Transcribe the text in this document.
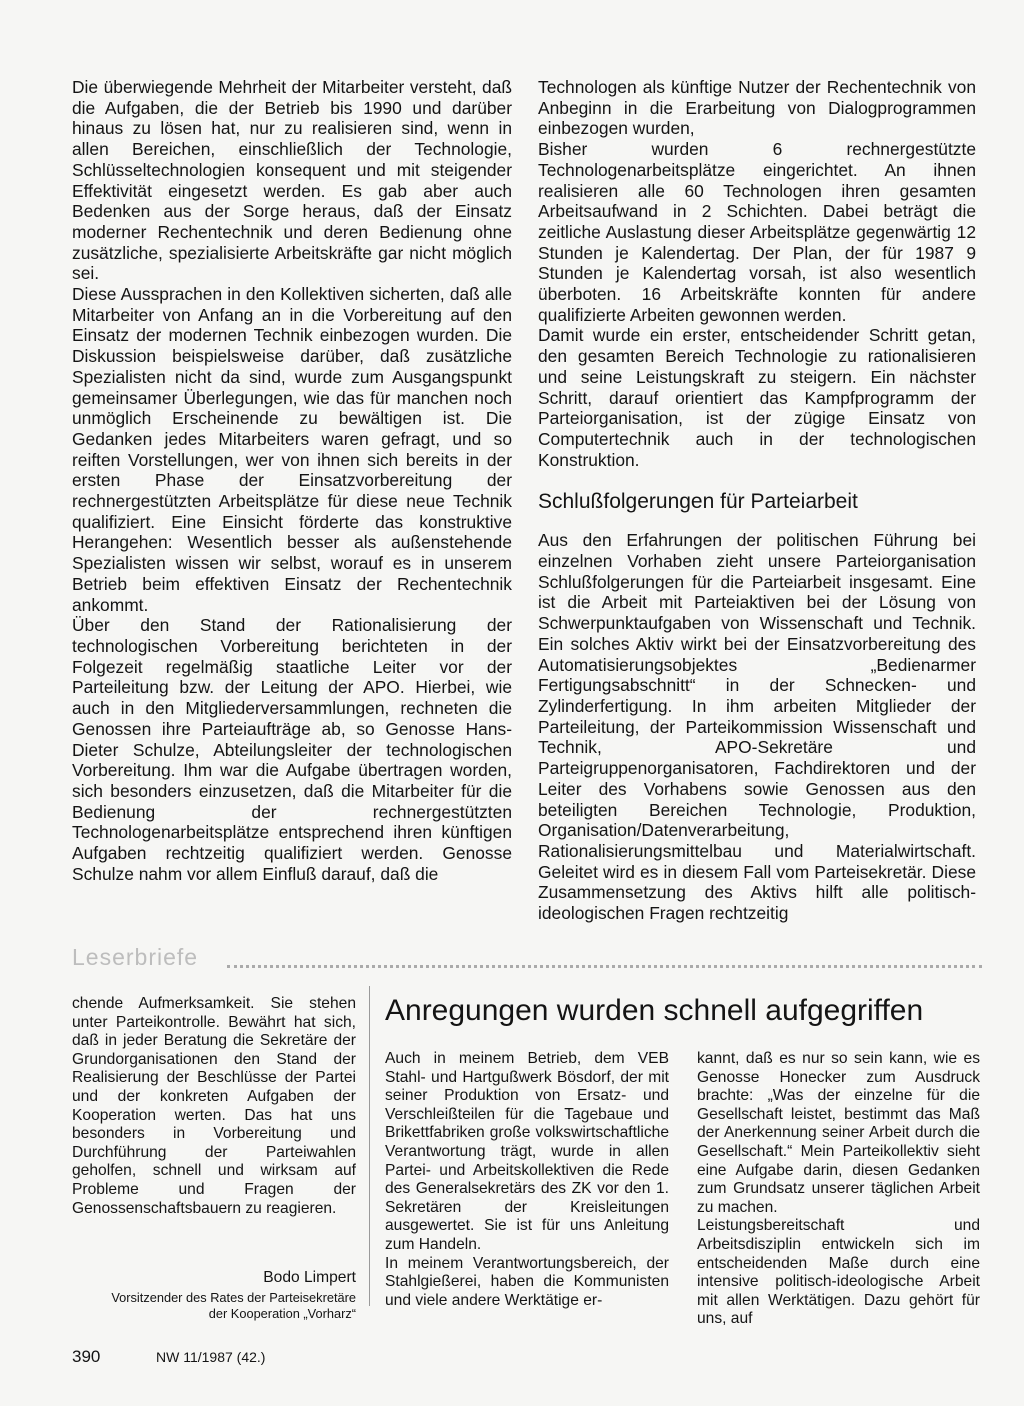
Die überwiegende Mehrheit der Mitarbeiter versteht, daß die Aufgaben, die der Betrieb bis 1990 und darüber hinaus zu lösen hat, nur zu realisieren sind, wenn in allen Bereichen, einschließlich der Technologie, Schlüsseltechnologien konsequent und mit steigender Effektivität eingesetzt werden. Es gab aber auch Bedenken aus der Sorge heraus, daß der Einsatz moderner Rechentechnik und deren Bedienung ohne zusätzliche, spezialisierte Arbeitskräfte gar nicht möglich sei.

Diese Aussprachen in den Kollektiven sicherten, daß alle Mitarbeiter von Anfang an in die Vorbereitung auf den Einsatz der modernen Technik einbezogen wurden. Die Diskussion beispielsweise darüber, daß zusätzliche Spezialisten nicht da sind, wurde zum Ausgangspunkt gemeinsamer Überlegungen, wie das für manchen noch unmöglich Erscheinende zu bewältigen ist. Die Gedanken jedes Mitarbeiters waren gefragt, und so reiften Vorstellungen, wer von ihnen sich bereits in der ersten Phase der Einsatzvorbereitung der rechnergestützten Arbeitsplätze für diese neue Technik qualifiziert. Eine Einsicht förderte das konstruktive Herangehen: Wesentlich besser als außenstehende Spezialisten wissen wir selbst, worauf es in unserem Betrieb beim effektiven Einsatz der Rechentechnik ankommt.

Über den Stand der Rationalisierung der technologischen Vorbereitung berichteten in der Folgezeit regelmäßig staatliche Leiter vor der Parteileitung bzw. der Leitung der APO. Hierbei, wie auch in den Mitgliederversammlungen, rechneten die Genossen ihre Parteiaufträge ab, so Genosse Hans-Dieter Schulze, Abteilungsleiter der technologischen Vorbereitung. Ihm war die Aufgabe übertragen worden, sich besonders einzusetzen, daß die Mitarbeiter für die Bedienung der rechnergestützten Technologenarbeitsplätze entsprechend ihren künftigen Aufgaben rechtzeitig qualifiziert werden. Genosse Schulze nahm vor allem Einfluß darauf, daß die

Technologen als künftige Nutzer der Rechentechnik von Anbeginn in die Erarbeitung von Dialogprogrammen einbezogen wurden,

Bisher wurden 6 rechnergestützte Technologenarbeitsplätze eingerichtet. An ihnen realisieren alle 60 Technologen ihren gesamten Arbeitsaufwand in 2 Schichten. Dabei beträgt die zeitliche Auslastung dieser Arbeitsplätze gegenwärtig 12 Stunden je Kalendertag. Der Plan, der für 1987 9 Stunden je Kalendertag vorsah, ist also wesentlich überboten. 16 Arbeitskräfte konnten für andere qualifizierte Arbeiten gewonnen werden.

Damit wurde ein erster, entscheidender Schritt getan, den gesamten Bereich Technologie zu rationalisieren und seine Leistungskraft zu steigern. Ein nächster Schritt, darauf orientiert das Kampfprogramm der Parteiorganisation, ist der zügige Einsatz von Computertechnik auch in der technologischen Konstruktion.

Schlußfolgerungen für Parteiarbeit

Aus den Erfahrungen der politischen Führung bei einzelnen Vorhaben zieht unsere Parteiorganisation Schlußfolgerungen für die Parteiarbeit insgesamt. Eine ist die Arbeit mit Parteiaktiven bei der Lösung von Schwerpunktaufgaben von Wissenschaft und Technik. Ein solches Aktiv wirkt bei der Einsatzvorbereitung des Automatisierungsobjektes „Bedienarmer Fertigungsabschnitt“ in der Schnecken- und Zylinderfertigung. In ihm arbeiten Mitglieder der Parteileitung, der Parteikommission Wissenschaft und Technik, APO-Sekretäre und Parteigruppenorganisatoren, Fachdirektoren und der Leiter des Vorhabens sowie Genossen aus den beteiligten Bereichen Technologie, Produktion, Organisation/Datenverarbeitung, Rationalisierungsmittelbau und Materialwirtschaft. Geleitet wird es in diesem Fall vom Parteisekretär. Diese Zusammensetzung des Aktivs hilft alle politisch-ideologischen Fragen rechtzeitig

Leserbriefe

chende Aufmerksamkeit. Sie stehen unter Parteikontrolle. Bewährt hat sich, daß in jeder Beratung die Sekretäre der Grundorganisationen den Stand der Realisierung der Beschlüsse der Partei und der konkreten Aufgaben der Kooperation werten. Das hat uns besonders in Vorbereitung und Durchführung der Parteiwahlen geholfen, schnell und wirksam auf Probleme und Fragen der Genossenschaftsbauern zu reagieren.

Bodo Limpert
Vorsitzender des Rates der Parteisekretäre
der Kooperation „Vorharz“
Anregungen wurden schnell aufgegriffen

Auch in meinem Betrieb, dem VEB Stahl- und Hartgußwerk Bösdorf, der mit seiner Produktion von Ersatz- und Verschleißteilen für die Tagebaue und Brikettfabriken große volkswirtschaftliche Verantwortung trägt, wurde in allen Partei- und Arbeitskollektiven die Rede des Generalsekretärs des ZK vor den 1. Sekretären der Kreisleitungen ausgewertet. Sie ist für uns Anleitung zum Handeln.

In meinem Verantwortungsbereich, der Stahlgießerei, haben die Kommunisten und viele andere Werktätige er-

kannt, daß es nur so sein kann, wie es Genosse Honecker zum Ausdruck brachte: „Was der einzelne für die Gesellschaft leistet, bestimmt das Maß der Anerkennung seiner Arbeit durch die Gesellschaft.“ Mein Parteikollektiv sieht eine Aufgabe darin, diesen Gedanken zum Grundsatz unserer täglichen Arbeit zu machen.

Leistungsbereitschaft und Arbeitsdisziplin entwickeln sich im entscheidenden Maße durch eine intensive politisch-ideologische Arbeit mit allen Werktätigen. Dazu gehört für uns, auf

390	NW 11/1987 (42.)
